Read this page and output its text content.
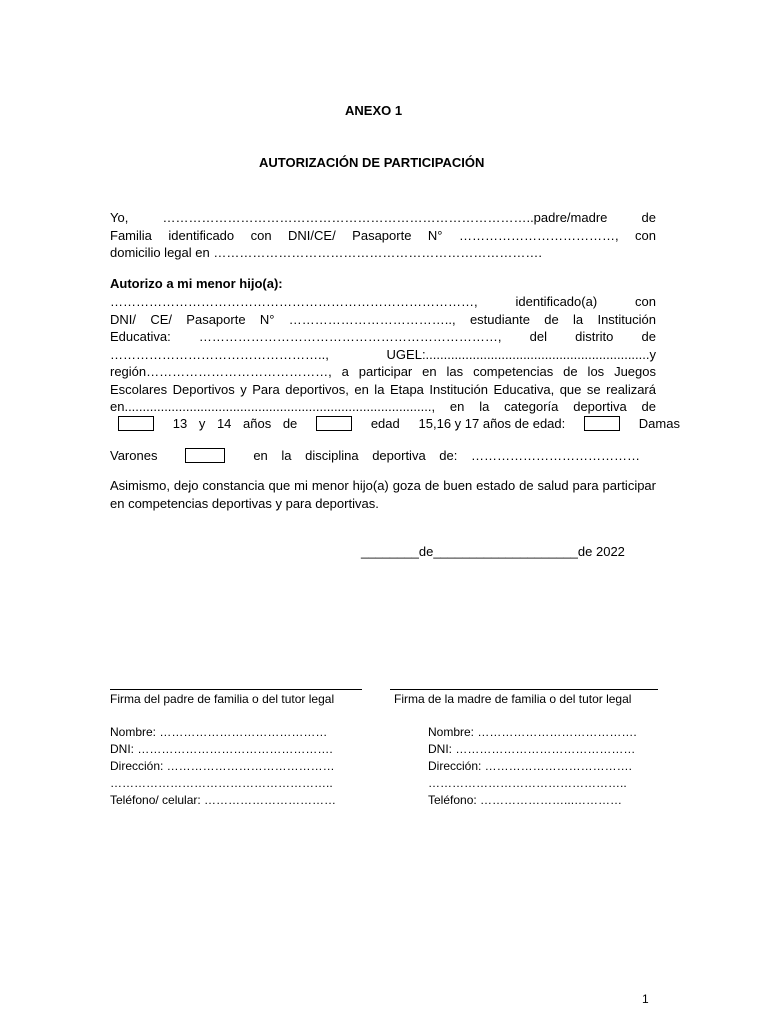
ANEXO 1
AUTORIZACIÓN DE PARTICIPACIÓN
Yo, …………………………………………………………………………..padre/madre de
Familia identificado con DNI/CE/ Pasaporte N° ………………………………, con
domicilio legal en ………………………………………………………………….
Autorizo a mi menor hijo(a):
…………………………………………………………………………, identificado(a) con
DNI/ CE/ Pasaporte N° ……………………………….., estudiante de la Institución
Educativa: ……………………………………………………………, del distrito de
………………………………………….., UGEL:..............................................................y
región……………………………………, a participar en las competencias de los Juegos
Escolares Deportivos y Para deportivos, en la Etapa Institución Educativa, que se realizará
en....................................................................................., en la categoría deportiva de
13 y 14 años de	edad 15,16 y 17 años de edad:	Damas
Varones	en la disciplina deportiva de: …………………………………
Asimismo, dejo constancia que mi menor hijo(a) goza de buen estado de salud para participar en competencias deportivas y para deportivas.
________de____________________de 2022
Firma del padre de familia o del tutor legal	Firma de la madre de familia o del tutor legal
Nombre: ……………………………………
DNI: ………………………………………….
Dirección: ……………………………………
………………………………………………..
Teléfono/ celular: ……………………………
Nombre: ………………………………….
DNI: ………………………………………
Dirección: ……………………………….
…………………………………………..
Teléfono: …………………...…………
1
